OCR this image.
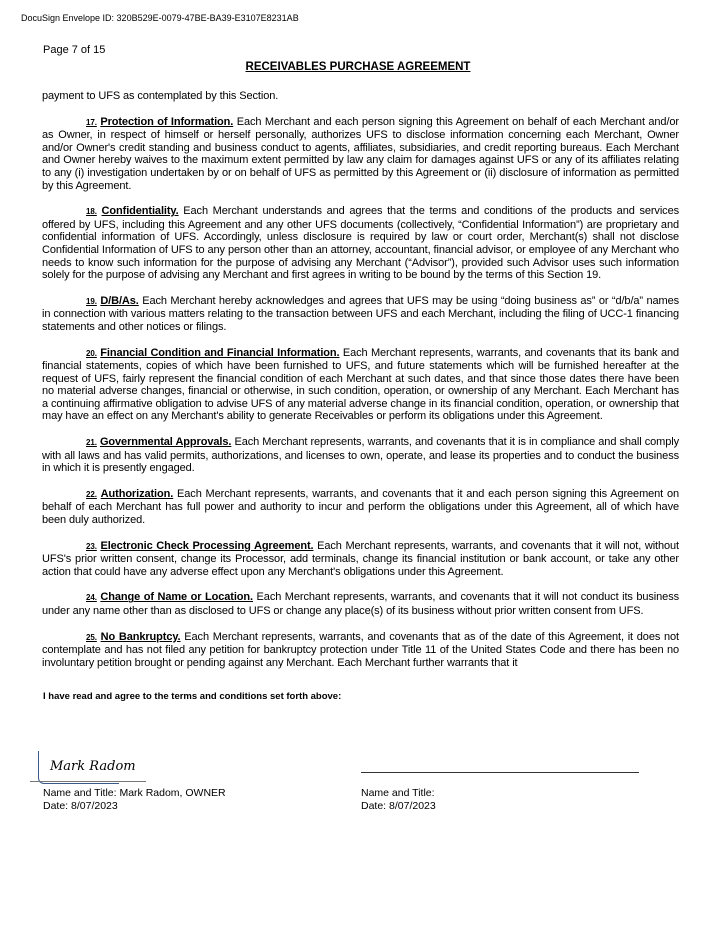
DocuSign Envelope ID: 320B529E-0079-47BE-BA39-E3107E8231AB
Page 7 of 15
RECEIVABLES PURCHASE AGREEMENT
payment to UFS as contemplated by this Section.
17. Protection of Information. Each Merchant and each person signing this Agreement on behalf of each Merchant and/or as Owner, in respect of himself or herself personally, authorizes UFS to disclose information concerning each Merchant, Owner and/or Owner's credit standing and business conduct to agents, affiliates, subsidiaries, and credit reporting bureaus. Each Merchant and Owner hereby waives to the maximum extent permitted by law any claim for damages against UFS or any of its affiliates relating to any (i) investigation undertaken by or on behalf of UFS as permitted by this Agreement or (ii) disclosure of information as permitted by this Agreement.
18. Confidentiality. Each Merchant understands and agrees that the terms and conditions of the products and services offered by UFS, including this Agreement and any other UFS documents (collectively, “Confidential Information”) are proprietary and confidential information of UFS. Accordingly, unless disclosure is required by law or court order, Merchant(s) shall not disclose Confidential Information of UFS to any person other than an attorney, accountant, financial advisor, or employee of any Merchant who needs to know such information for the purpose of advising any Merchant (“Advisor”), provided such Advisor uses such information solely for the purpose of advising any Merchant and first agrees in writing to be bound by the terms of this Section 19.
19. D/B/As. Each Merchant hereby acknowledges and agrees that UFS may be using “doing business as” or “d/b/a” names in connection with various matters relating to the transaction between UFS and each Merchant, including the filing of UCC-1 financing statements and other notices or filings.
20. Financial Condition and Financial Information. Each Merchant represents, warrants, and covenants that its bank and financial statements, copies of which have been furnished to UFS, and future statements which will be furnished hereafter at the request of UFS, fairly represent the financial condition of each Merchant at such dates, and that since those dates there have been no material adverse changes, financial or otherwise, in such condition, operation, or ownership of any Merchant. Each Merchant has a continuing affirmative obligation to advise UFS of any material adverse change in its financial condition, operation, or ownership that may have an effect on any Merchant's ability to generate Receivables or perform its obligations under this Agreement.
21. Governmental Approvals. Each Merchant represents, warrants, and covenants that it is in compliance and shall comply with all laws and has valid permits, authorizations, and licenses to own, operate, and lease its properties and to conduct the business in which it is presently engaged.
22. Authorization. Each Merchant represents, warrants, and covenants that it and each person signing this Agreement on behalf of each Merchant has full power and authority to incur and perform the obligations under this Agreement, all of which have been duly authorized.
23. Electronic Check Processing Agreement. Each Merchant represents, warrants, and covenants that it will not, without UFS's prior written consent, change its Processor, add terminals, change its financial institution or bank account, or take any other action that could have any adverse effect upon any Merchant's obligations under this Agreement.
24. Change of Name or Location. Each Merchant represents, warrants, and covenants that it will not conduct its business under any name other than as disclosed to UFS or change any place(s) of its business without prior written consent from UFS.
25. No Bankruptcy. Each Merchant represents, warrants, and covenants that as of the date of this Agreement, it does not contemplate and has not filed any petition for bankruptcy protection under Title 11 of the United States Code and there has been no involuntary petition brought or pending against any Merchant. Each Merchant further warrants that it
I have read and agree to the terms and conditions set forth above:
Mark Radom
Name and Title: Mark Radom, OWNER
Date: 8/07/2023
Name and Title:
Date: 8/07/2023
